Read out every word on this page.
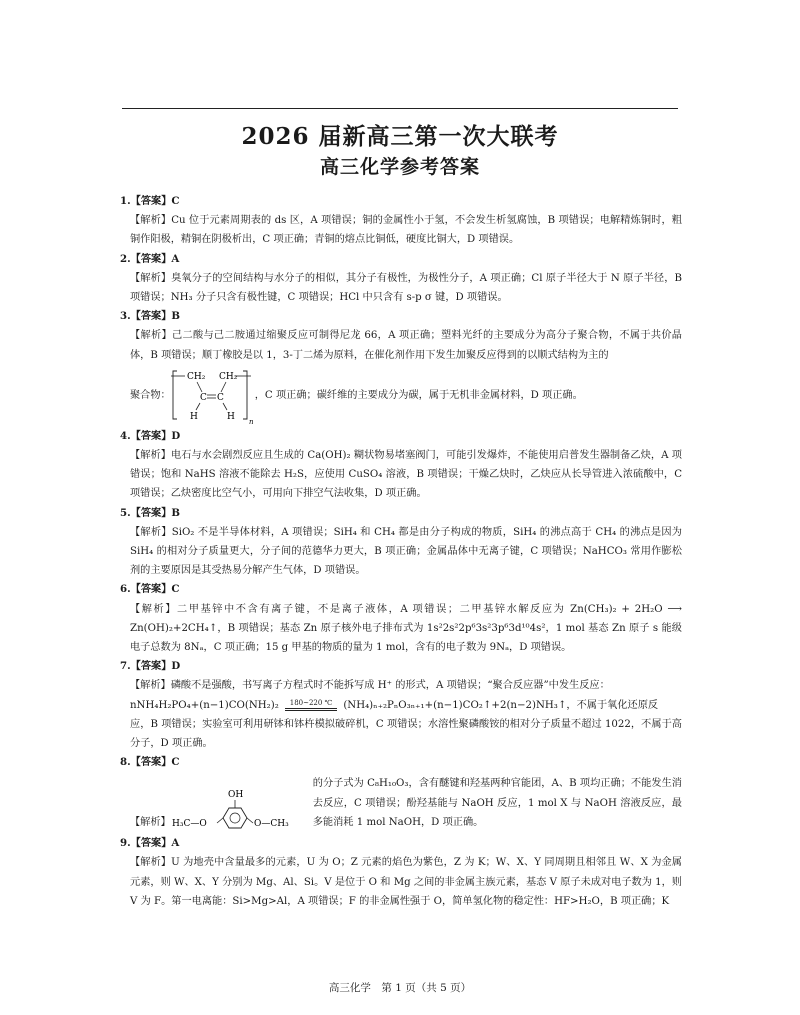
2026 届新高三第一次大联考
高三化学参考答案
1.【答案】C

【解析】Cu 位于元素周期表的 ds 区，A 项错误；铜的金属性小于氢，不会发生析氢腐蚀，B 项错误；电解精炼铜时，粗铜作阳极，精铜在阴极析出，C 项正确；青铜的熔点比铜低，硬度比铜大，D 项错误。

2.【答案】A

【解析】臭氧分子的空间结构与水分子的相似，其分子有极性，为极性分子，A 项正确；Cl 原子半径大于 N 原子半径，B 项错误；NH₃ 分子只含有极性键，C 项错误；HCl 中只含有 s-p σ 键，D 项错误。

3.【答案】B

【解析】己二酸与己二胺通过缩聚反应可制得尼龙 66，A 项正确；塑料光纤的主要成分为高分子聚合物，不属于共价晶体，B 项错误；顺丁橡胶是以 1，3-丁二烯为原料，在催化剂作用下发生加聚反应得到的以顺式结构为主的

聚合物：
CH₂ CH₂
C C
H	H n
，C 项正确；碳纤维的主要成分为碳，属于无机非金属材料，D 项正确。
4.【答案】D

【解析】电石与水会剧烈反应且生成的 Ca(OH)₂ 糊状物易堵塞阀门，可能引发爆炸，不能使用启普发生器制备乙炔，A 项错误；饱和 NaHS 溶液不能除去 H₂S，应使用 CuSO₄ 溶液，B 项错误；干燥乙炔时，乙炔应从长导管进入浓硫酸中，C 项错误；乙炔密度比空气小，可用向下排空气法收集，D 项正确。

5.【答案】B

【解析】SiO₂ 不是半导体材料，A 项错误；SiH₄ 和 CH₄ 都是由分子构成的物质，SiH₄ 的沸点高于 CH₄ 的沸点是因为 SiH₄ 的相对分子质量更大，分子间的范德华力更大，B 项正确；金属晶体中无离子键，C 项错误；NaHCO₃ 常用作膨松剂的主要原因是其受热易分解产生气体，D 项错误。

6.【答案】C

【解析】二甲基锌中不含有离子键，不是离子液体，A 项错误；二甲基锌水解反应为 Zn(CH₃)₂ + 2H₂O ⟶ Zn(OH)₂+2CH₄↑，B 项错误；基态 Zn 原子核外电子排布式为 1s²2s²2p⁶3s²3p⁶3d¹⁰4s²，1 mol 基态 Zn 原子 s 能级电子总数为 8Nₐ，C 项正确；15 g 甲基的物质的量为 1 mol，含有的电子数为 9Nₐ，D 项错误。

7.【答案】D

【解析】磷酸不是强酸，书写离子方程式时不能拆写成 H⁺ 的形式，A 项错误；“聚合反应器”中发生反应：

nNH₄H₂PO₄+(n−1)CO(NH₂)₂	180~220 ℃	(NH₄)ₙ₊₂PₙO₃ₙ₊₁+(n−1)CO₂↑+2(n−2)NH₃↑，不属于氧化还原反

应，B 项错误；实验室可利用研钵和钵杵模拟破碎机，C 项错误；水溶性聚磷酸铵的相对分子质量不超过 1022，不属于高分子，D 项正确。

8.【答案】C
【解析】 H₃C—O
OH
O—CH₃
的分子式为 C₈H₁₀O₃，含有醚键和羟基两种官能团，A、B 项均正确；不能发生消去反应，C 项错误；酚羟基能与 NaOH 反应，1 mol X 与 NaOH 溶液反应，最多能消耗 1 mol NaOH，D 项正确。
9.【答案】A

【解析】U 为地壳中含量最多的元素，U 为 O；Z 元素的焰色为紫色，Z 为 K；W、X、Y 同周期且相邻且 W、X 为金属元素，则 W、X、Y 分别为 Mg、Al、Si。V 是位于 O 和 Mg 之间的非金属主族元素，基态 V 原子未成对电子数为 1，则 V 为 F。第一电离能：Si>Mg>Al，A 项错误；F 的非金属性强于 O，简单氢化物的稳定性：HF>H₂O，B 项正确；K

高三化学　第 1 页（共 5 页）
